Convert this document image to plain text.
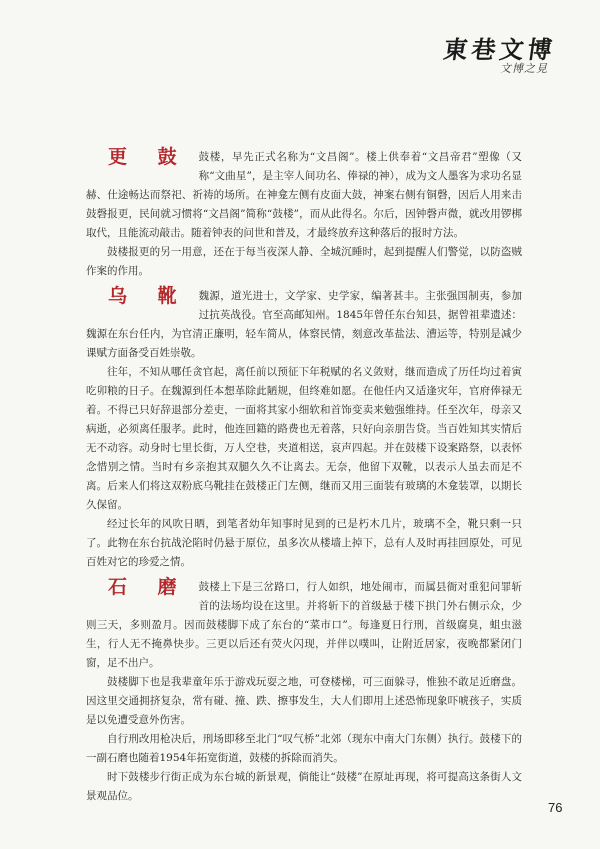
東巷文博
文博之見
更 鼓 鼓楼，早先正式名称为“文昌阁”。楼上供奉着“文昌帝君”塑像（又称“文曲星”，是主宰人间功名、俸禄的神），成为文人墨客为求功名显赫、仕途畅达而祭祀、祈祷的场所。在神龛左侧有皮面大鼓，神案右侧有铜磬，因后人用来击鼓磬报更，民间就习惯将“文昌阁”简称“鼓楼”，而从此得名。尔后，因钟磬声微，就改用锣梆取代，且能流动敲击。随着钟表的问世和普及，才最终放弃这种落后的报时方法。

鼓楼报更的另一用意，还在于每当夜深人静、全城沉睡时，起到提醒人们警觉，以防盗贼作案的作用。

乌 靴 魏源，道光进士，文学家、史学家，编著甚丰。主张强国制夷，参加过抗英战役。官至高邮知州。1845年曾任东台知县，据曾祖辈遗述：魏源在东台任内，为官清正廉明，轻车简从，体察民情，刻意改革盐法、漕运等，特别是减少课赋方面备受百姓崇敬。

往年，不知从哪任贪官起，离任前以预征下年税赋的名义敛财，继而造成了历任均过着寅吃卯粮的日子。在魏源到任本想革除此陋规，但终难如愿。在他任内又适逢灾年，官府俸禄无着。不得已只好辞退部分差吏，一面将其家小细软和首饰变卖来勉强维持。任至次年，母亲又病逝，必须离任服孝。此时，他连回籍的路费也无着落，只好向亲朋告贷。当百姓知其实情后无不动容。动身时七里长街，万人空巷，夹道相送，哀声四起。并在鼓楼下设案路祭，以表怀念惜别之情。当时有乡亲抱其双腿久久不让离去。无奈，他留下双靴，以表示人虽去而足不离。后来人们将这双粉底乌靴挂在鼓楼正门左侧，继而又用三面装有玻璃的木龛装罩，以期长久保留。

经过长年的风吹日晒，到笔者幼年知事时见到的已是朽木几片，玻璃不全，靴只剩一只了。此物在东台抗战沦陷时仍悬于原位，虽多次从楼墙上掉下，总有人及时再挂回原处，可见百姓对它的珍爱之情。

石 磨 鼓楼上下是三岔路口，行人如织，地处闹市，而属县衙对重犯问罪斩首的法场均设在这里。并将斩下的首级悬于楼下拱门外右侧示众，少则三天，多则盈月。因而鼓楼脚下成了东台的“菜市口”。每逢夏日行刑，首级腐臭，蛆虫滋生，行人无不掩鼻快步。三更以后还有荧火闪现，并伴以噗叫，让附近居家，夜晚都紧闭门窗，足不出户。

鼓楼脚下也是我辈童年乐于游戏玩耍之地，可登楼梯，可三面躲寻，惟独不敢足近磨盘。因这里交通拥挤复杂，常有碰、撞、跌、擦事发生，大人们即用上述恐怖现象吓唬孩子，实质是以免遭受意外伤害。

自行刑改用枪决后，刑场即移至北门“叹气桥”北郊（现东中南大门东侧）执行。鼓楼下的一副石磨也随着1954年拓宽街道，鼓楼的拆除而消失。

时下鼓楼步行街正成为东台城的新景观，倘能让“鼓楼”在原址再现，将可提高这条街人文景观品位。

76
